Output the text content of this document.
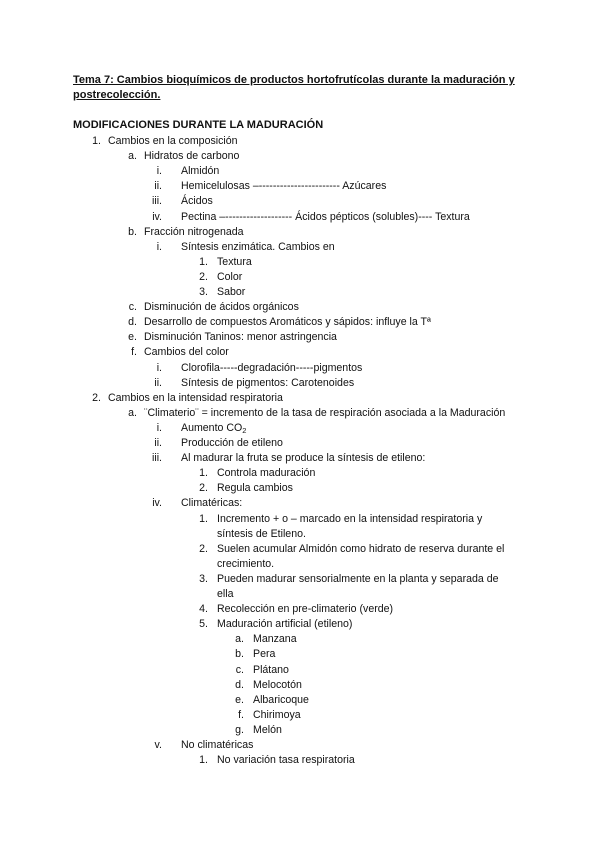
Tema 7: Cambios bioquímicos de productos hortofrutícolas durante la maduración y postrecolección.
MODIFICACIONES DURANTE LA MADURACIÓN
1. Cambios en la composición
a. Hidratos de carbono
i. Almidón
ii. Hemicelulosas –----------------------- Azúcares
iii. Ácidos
iv. Pectina –------------------- Ácidos pépticos (solubles)---- Textura
b. Fracción nitrogenada
i. Síntesis enzimática. Cambios en
1. Textura
2. Color
3. Sabor
c. Disminución de ácidos orgánicos
d. Desarrollo de compuestos Aromáticos y sápidos: influye la Tª
e. Disminución Taninos: menor astringencia
f. Cambios del color
i. Clorofila-----degradación-----pigmentos
ii. Síntesis de pigmentos: Carotenoides
2. Cambios en la intensidad respiratoria
a. ¨Climaterio¨ = incremento de la tasa de respiración asociada a la Maduración
i. Aumento $CO_2$
ii. Producción de etileno
iii. Al madurar la fruta se produce la síntesis de etileno:
1. Controla maduración
2. Regula cambios
iv. Climatéricas:
1. Incremento + o – marcado en la intensidad respiratoria y
síntesis de Etileno.
2. Suelen acumular Almidón como hidrato de reserva durante el
crecimiento.
3. Pueden madurar sensorialmente en la planta y separada de
ella
4. Recolección en pre-climaterio (verde)
5. Maduración artificial (etileno)
a. Manzana
b. Pera
c. Plátano
d. Melocotón
e. Albaricoque
f. Chirimoya
g. Melón
v. No climatéricas
1. No variación tasa respiratoria
